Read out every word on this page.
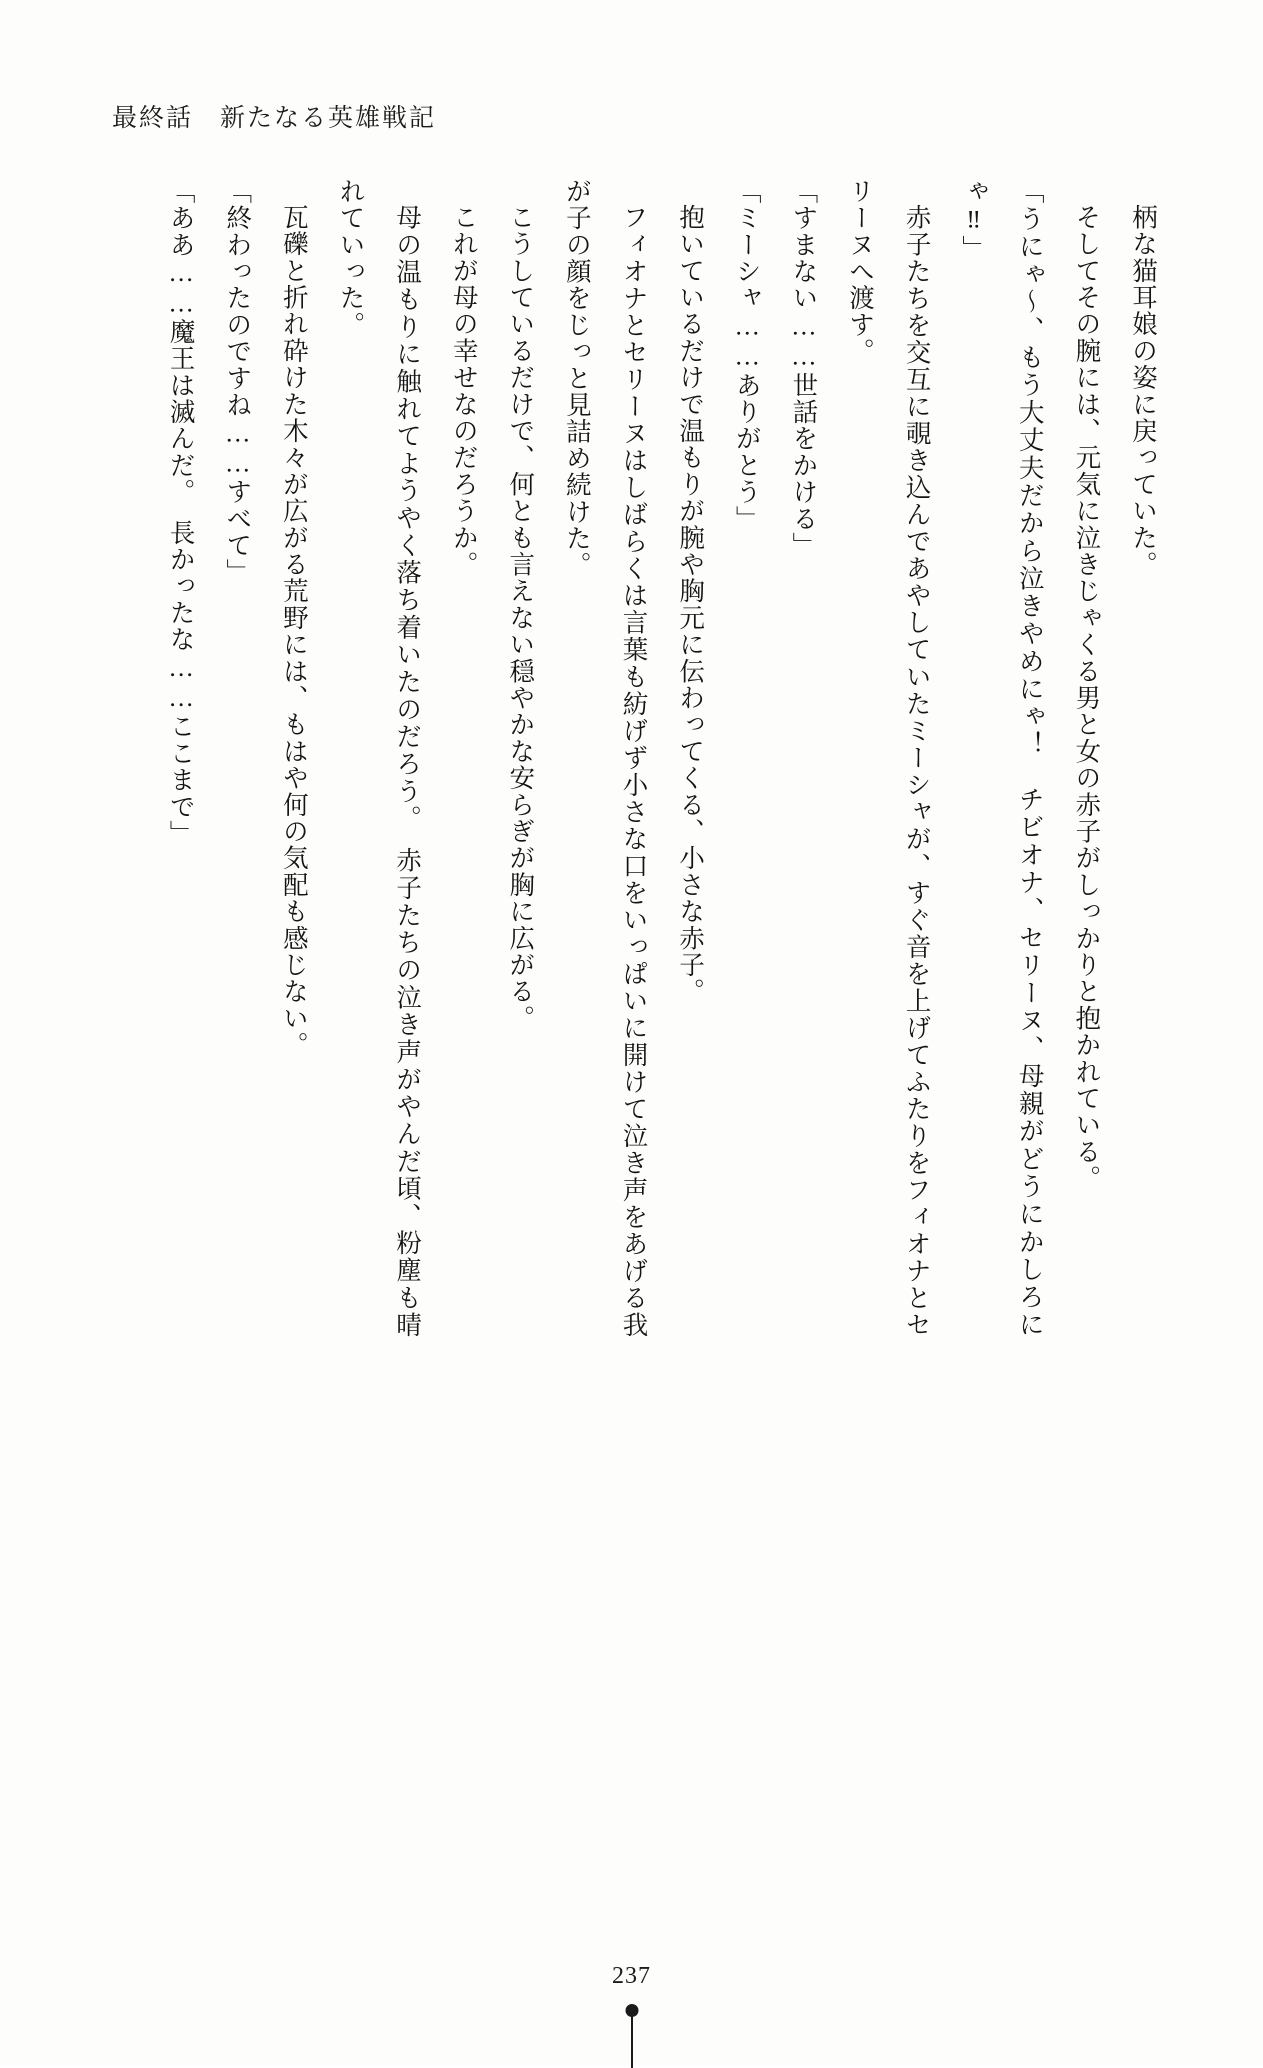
最終話　新たなる英雄戦記

柄な猫耳娘の姿に戻っていた。

そしてその腕には、元気に泣きじゃくる男と女の赤子がしっかりと抱かれている。

「うにゃ～、もう大丈夫だから泣きやめにゃ！　チビオナ、セリーヌ、母親がどうにかしろにゃ‼」

赤子たちを交互に覗き込んであやしていたミーシャが、すぐ音を上げてふたりをフィオナとセリーヌへ渡す。

「すまない……世話をかける」

「ミーシャ……ありがとう」

抱いているだけで温もりが腕や胸元に伝わってくる、小さな赤子。

フィオナとセリーヌはしばらくは言葉も紡げず小さな口をいっぱいに開けて泣き声をあげる我が子の顔をじっと見詰め続けた。

こうしているだけで、何とも言えない穏やかな安らぎが胸に広がる。

これが母の幸せなのだろうか。

母の温もりに触れてようやく落ち着いたのだろう。　赤子たちの泣き声がやんだ頃、粉塵も晴れていった。

瓦礫と折れ砕けた木々が広がる荒野には、もはや何の気配も感じない。

「終わったのですね……すべて」

「ああ……魔王は滅んだ。　長かったな……ここまで」

237
